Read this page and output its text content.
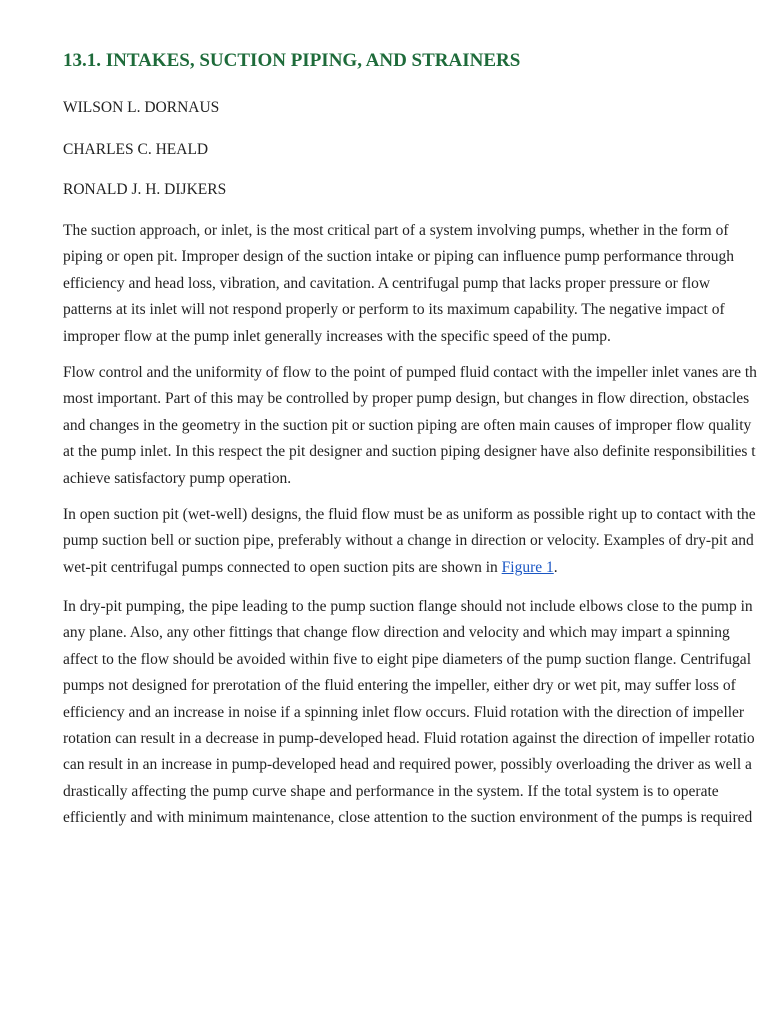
13.1. INTAKES, SUCTION PIPING, AND STRAINERS

WILSON L. DORNAUS

CHARLES C. HEALD

RONALD J. H. DIJKERS

The suction approach, or inlet, is the most critical part of a system involving pumps, whether in the form of
piping or open pit. Improper design of the suction intake or piping can influence pump performance through
efficiency and head loss, vibration, and cavitation. A centrifugal pump that lacks proper pressure or flow
patterns at its inlet will not respond properly or perform to its maximum capability. The negative impact of
improper flow at the pump inlet generally increases with the specific speed of the pump.
Flow control and the uniformity of flow to the point of pumped fluid contact with the impeller inlet vanes are th
most important. Part of this may be controlled by proper pump design, but changes in flow direction, obstacles
and changes in the geometry in the suction pit or suction piping are often main causes of improper flow quality
at the pump inlet. In this respect the pit designer and suction piping designer have also definite responsibilities t
achieve satisfactory pump operation.
In open suction pit (wet-well) designs, the fluid flow must be as uniform as possible right up to contact with the
pump suction bell or suction pipe, preferably without a change in direction or velocity. Examples of dry-pit and
wet-pit centrifugal pumps connected to open suction pits are shown in Figure 1.
In dry-pit pumping, the pipe leading to the pump suction flange should not include elbows close to the pump in
any plane. Also, any other fittings that change flow direction and velocity and which may impart a spinning
affect to the flow should be avoided within five to eight pipe diameters of the pump suction flange. Centrifugal
pumps not designed for prerotation of the fluid entering the impeller, either dry or wet pit, may suffer loss of
efficiency and an increase in noise if a spinning inlet flow occurs. Fluid rotation with the direction of impeller
rotation can result in a decrease in pump-developed head. Fluid rotation against the direction of impeller rotatio
can result in an increase in pump-developed head and required power, possibly overloading the driver as well a
drastically affecting the pump curve shape and performance in the system. If the total system is to operate
efficiently and with minimum maintenance, close attention to the suction environment of the pumps is required
